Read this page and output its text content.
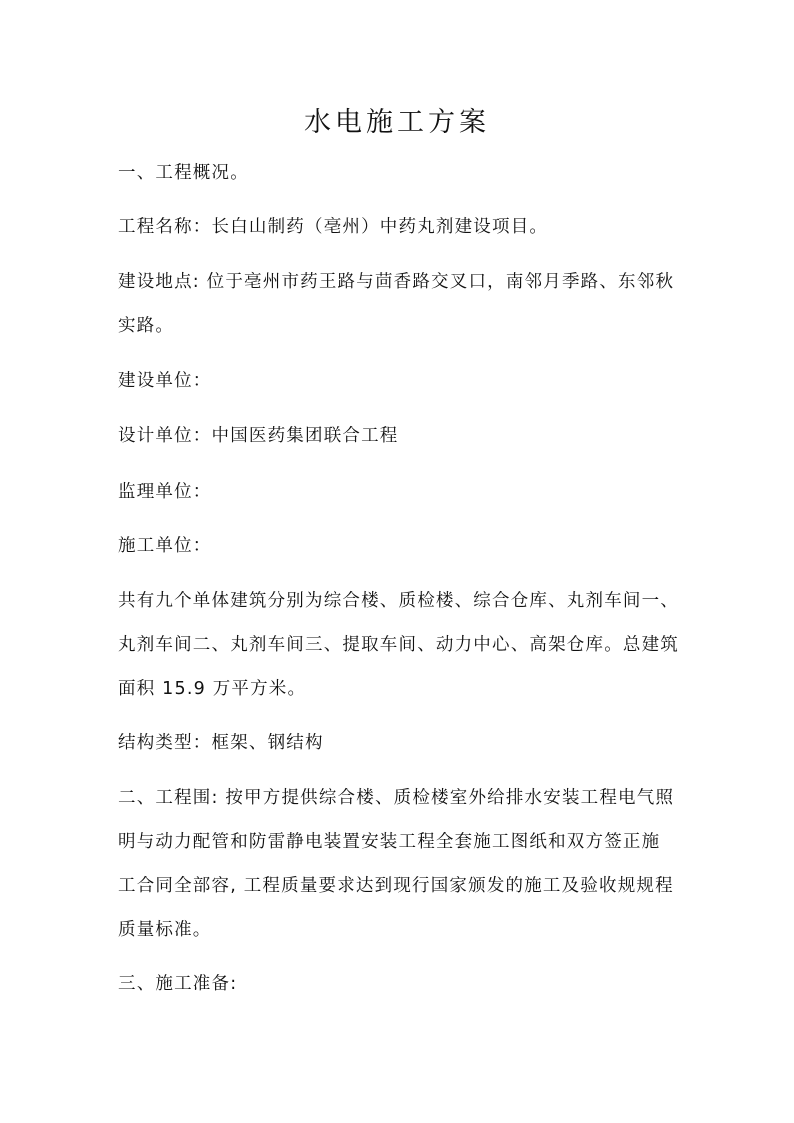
水电施工方案
一、工程概况。
工程名称：长白山制药（亳州）中药丸剂建设项目。
建设地点: 位于亳州市药王路与茴香路交叉口，南邻月季路、东邻秋
实路。
建设单位：
设计单位：中国医药集团联合工程
监理单位：
施工单位：
共有九个单体建筑分别为综合楼、质检楼、综合仓库、丸剂车间一、
丸剂车间二、丸剂车间三、提取车间、动力中心、高架仓库。总建筑
面积 15.9 万平方米。
结构类型：框架、钢结构
二、工程围: 按甲方提供综合楼、质检楼室外给排水安装工程电气照
明与动力配管和防雷静电装置安装工程全套施工图纸和双方签正施
工合同全部容, 工程质量要求达到现行国家颁发的施工及验收规规程
质量标准。
三、施工准备:
